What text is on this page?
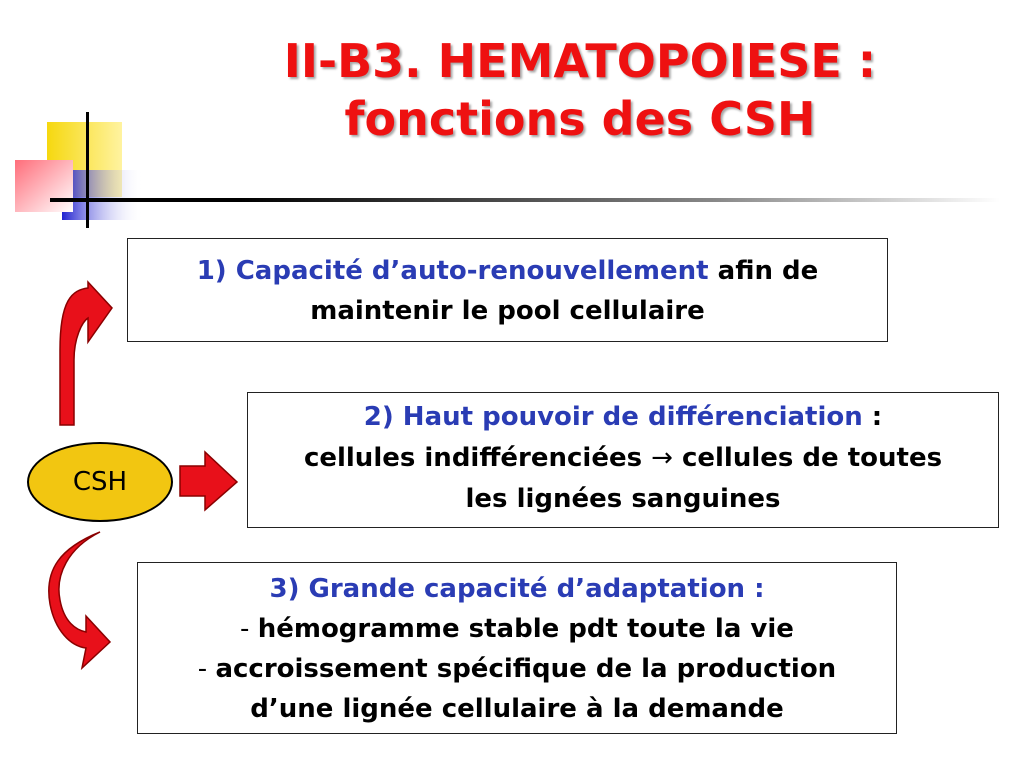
II-B3. HEMATOPOIESE :
fonctions des CSH
CSH
1) Capacité d’auto-renouvellement afin de
maintenir le pool cellulaire
2) Haut pouvoir de différenciation :
cellules indifférenciées → cellules de toutes
les lignées sanguines
3) Grande capacité d’adaptation :
- hémogramme stable pdt toute la vie
- accroissement spécifique de la production
d’une lignée cellulaire à la demande
